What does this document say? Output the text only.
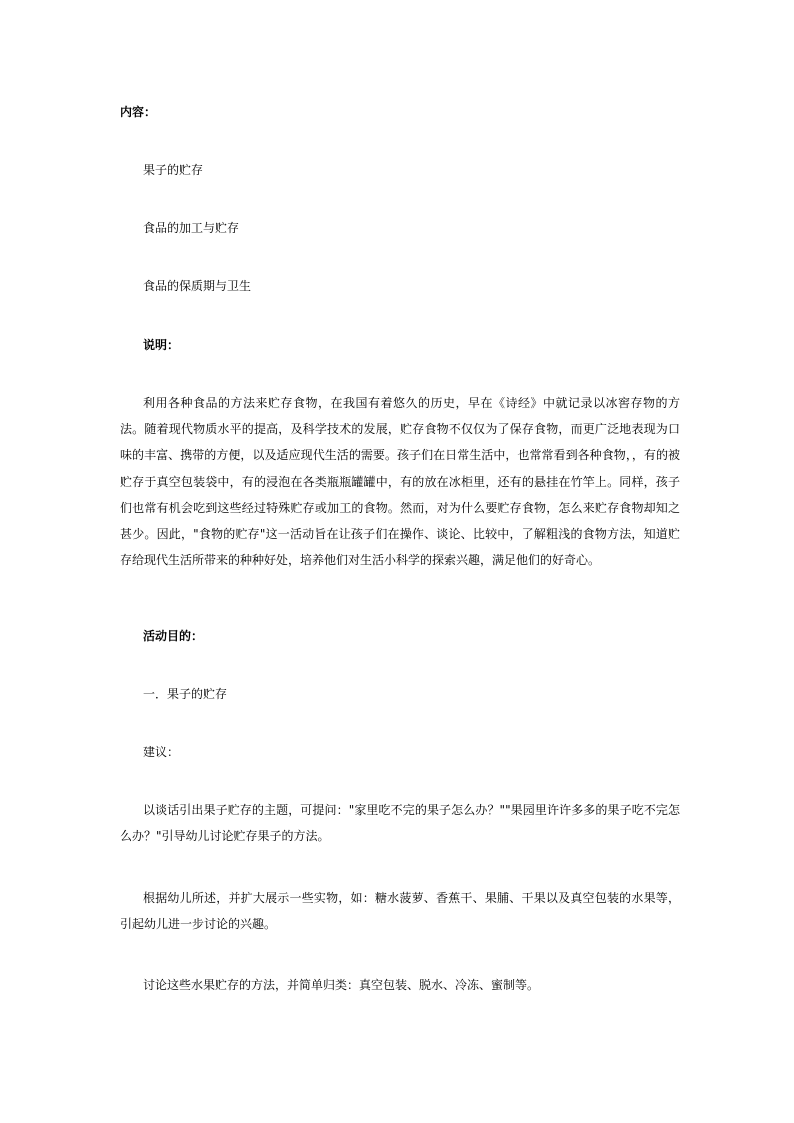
内容：
果子的贮存
食品的加工与贮存
食品的保质期与卫生
说明：
利用各种食品的方法来贮存食物，在我国有着悠久的历史，早在《诗经》中就记录以冰窖存物的方法。随着现代物质水平的提高，及科学技术的发展，贮存食物不仅仅为了保存食物，而更广泛地表现为口味的丰富、携带的方便，以及适应现代生活的需要。孩子们在日常生活中，也常常看到各种食物，，有的被贮存于真空包装袋中，有的浸泡在各类瓶瓶罐罐中，有的放在冰柜里，还有的悬挂在竹竿上。同样，孩子们也常有机会吃到这些经过特殊贮存或加工的食物。然而，对为什么要贮存食物，怎么来贮存食物却知之甚少。因此，"食物的贮存"这一活动旨在让孩子们在操作、谈论、比较中，了解粗浅的食物方法，知道贮存给现代生活所带来的种种好处，培养他们对生活小科学的探索兴趣，满足他们的好奇心。
活动目的：
一．果子的贮存
建议：
以谈话引出果子贮存的主题，可提问："家里吃不完的果子怎么办？""果园里许许多多的果子吃不完怎么办？"引导幼儿讨论贮存果子的方法。
根据幼儿所述，并扩大展示一些实物，如：糖水菠萝、香蕉干、果脯、干果以及真空包装的水果等，引起幼儿进一步讨论的兴趣。
讨论这些水果贮存的方法，并简单归类：真空包装、脱水、冷冻、蜜制等。
